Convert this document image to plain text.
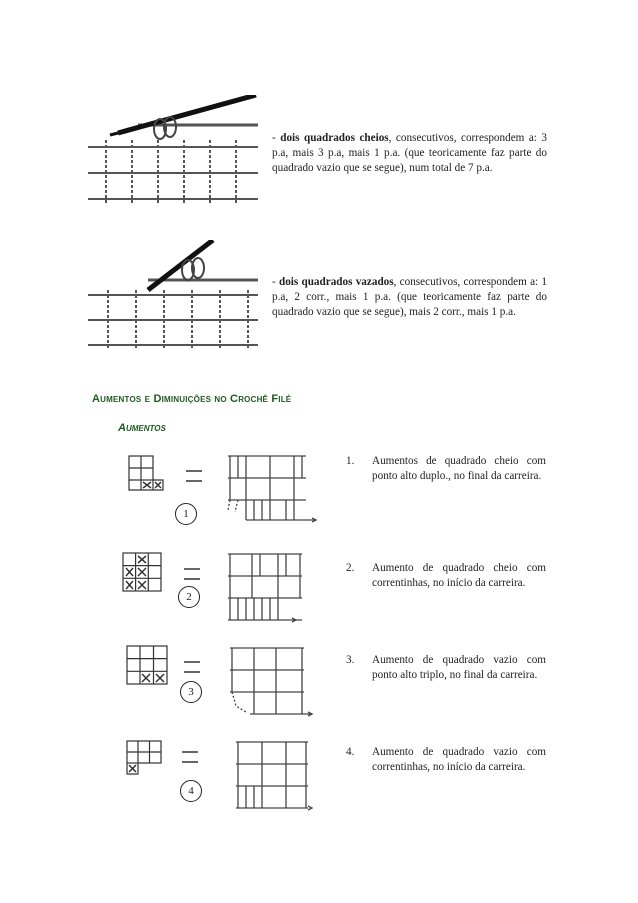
- dois quadrados cheios, consecutivos, correspondem a: 3 p.a, mais 3 p.a, mais 1 p.a. (que teoricamente faz parte do quadrado vazio que se segue), num total de 7 p.a.
- dois quadrados vazados, consecutivos, correspondem a: 1 p.a, 2 corr., mais 1 p.a. (que teoricamente faz parte do quadrado vazio que se segue), mais 2 corr., mais 1 p.a.
Aumentos e Diminuições no Crochê Filé
Aumentos
1
1.	Aumentos de quadrado cheio com ponto alto duplo., no final da carreira.
2
2.	Aumento de quadrado cheio com correntinhas, no início da carreira.
3
3.	Aumento de quadrado vazio com ponto alto triplo, no final da carreira.
4
4.	Aumento de quadrado vazio com correntinhas, no início da carreira.
